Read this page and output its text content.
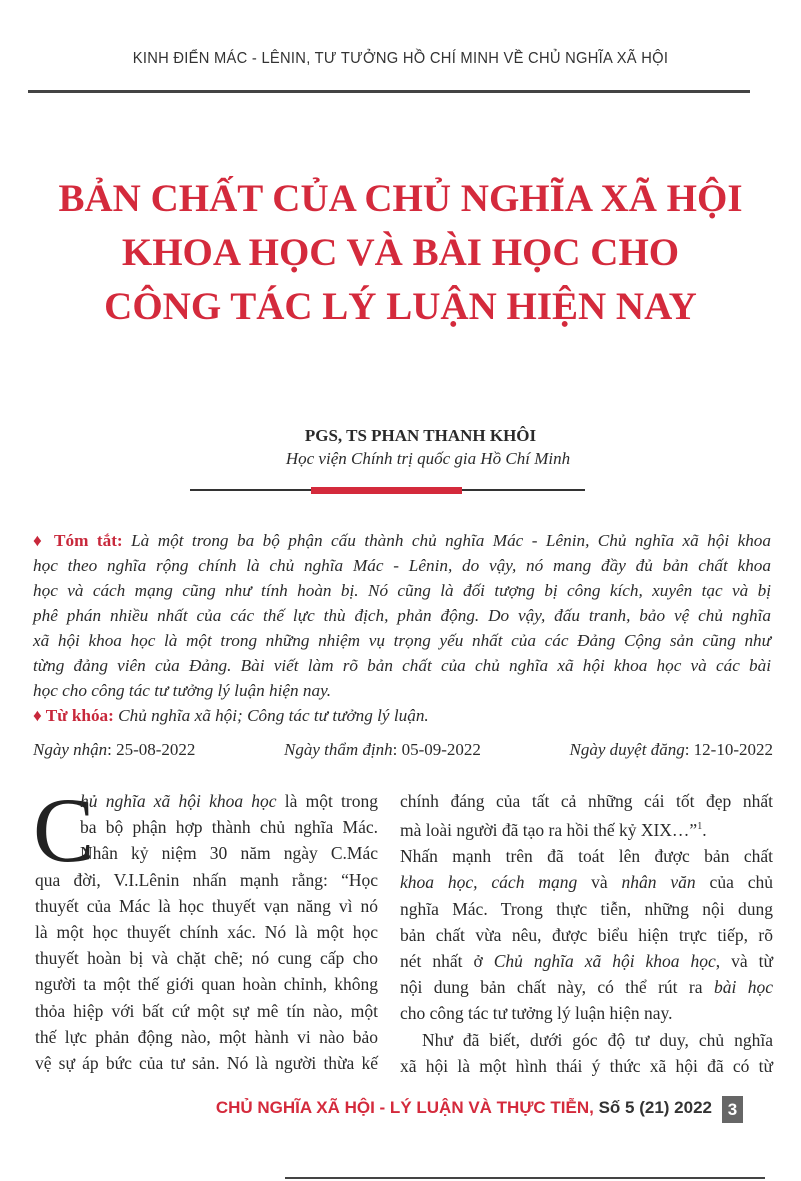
KINH ĐIỂN MÁC - LÊNIN, TƯ TƯỞNG HỒ CHÍ MINH VỀ CHỦ NGHĨA XÃ HỘI
BẢN CHẤT CỦA CHỦ NGHĨA XÃ HỘI
KHOA HỌC VÀ BÀI HỌC CHO
CÔNG TÁC LÝ LUẬN HIỆN NAY
PGS, TS PHAN THANH KHÔI
Học viện Chính trị quốc gia Hồ Chí Minh
♦ Tóm tắt: Là một trong ba bộ phận cấu thành chủ nghĩa Mác - Lênin, Chủ nghĩa xã hội khoa
học theo nghĩa rộng chính là chủ nghĩa Mác - Lênin, do vậy, nó mang đầy đủ bản chất khoa
học và cách mạng cũng như tính hoàn bị. Nó cũng là đối tượng bị công kích, xuyên tạc và bị
phê phán nhiều nhất của các thế lực thù địch, phản động. Do vậy, đấu tranh, bảo vệ chủ nghĩa
xã hội khoa học là một trong những nhiệm vụ trọng yếu nhất của các Đảng Cộng sản cũng như
từng đảng viên của Đảng. Bài viết làm rõ bản chất của chủ nghĩa xã hội khoa học và các bài
học cho công tác tư tưởng lý luận hiện nay.
♦ Từ khóa: Chủ nghĩa xã hội; Công tác tư tưởng lý luận.
Ngày nhận: 25-08-2022	Ngày thẩm định: 05-09-2022	Ngày duyệt đăng: 12-10-2022
C
hủ nghĩa xã hội khoa học là một trong
ba bộ phận hợp thành chủ nghĩa Mác.
Nhân kỷ niệm 30 năm ngày C.Mác
qua đời, V.I.Lênin nhấn mạnh rằng: “Học
thuyết của Mác là học thuyết vạn năng vì nó
là một học thuyết chính xác. Nó là một học
thuyết hoàn bị và chặt chẽ; nó cung cấp cho
người ta một thế giới quan hoàn chỉnh, không
thỏa hiệp với bất cứ một sự mê tín nào, một
thế lực phản động nào, một hành vi nào bảo
vệ sự áp bức của tư sản. Nó là người thừa kế
chính đáng của tất cả những cái tốt đẹp nhất
mà loài người đã tạo ra hồi thế kỷ XIX…”$^1$.
Nhấn mạnh trên đã toát lên được bản chất
khoa học, cách mạng và nhân văn của chủ
nghĩa Mác. Trong thực tiễn, những nội dung
bản chất vừa nêu, được biểu hiện trực tiếp, rõ
nét nhất ở Chủ nghĩa xã hội khoa học, và từ
nội dung bản chất này, có thể rút ra bài học
cho công tác tư tưởng lý luận hiện nay.
Như đã biết, dưới góc độ tư duy, chủ nghĩa
xã hội là một hình thái ý thức xã hội đã có từ
CHỦ NGHĨA XÃ HỘI - LÝ LUẬN VÀ THỰC TIỄN, Số 5 (21) 2022 3
